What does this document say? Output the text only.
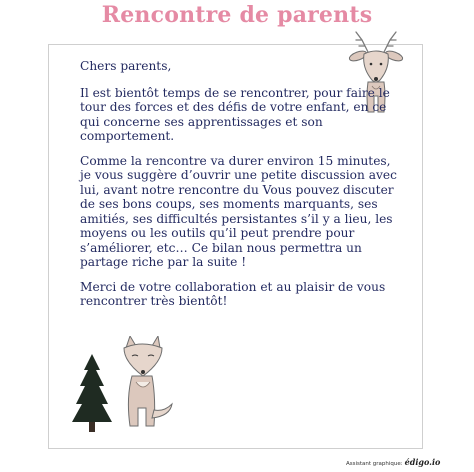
Rencontre de parents

Chers parents,

Il est bientôt temps de se rencontrer, pour faire le tour des forces et des défis de votre enfant, en ce qui concerne ses apprentissages et son comportement.

Comme la rencontre va durer environ 15 minutes, je vous suggère d’ouvrir une petite discussion avec lui, avant notre rencontre du Vous pouvez discuter de ses bons coups, ses moments marquants, ses amitiés, ses difficultés persistantes s’il y a lieu, les moyens ou les outils qu’il peut prendre pour s’améliorer, etc… Ce bilan nous permettra un partage riche par la suite !

Merci de votre collaboration et au plaisir de vous rencontrer très bientôt!

Assistant graphique: édigo.io
